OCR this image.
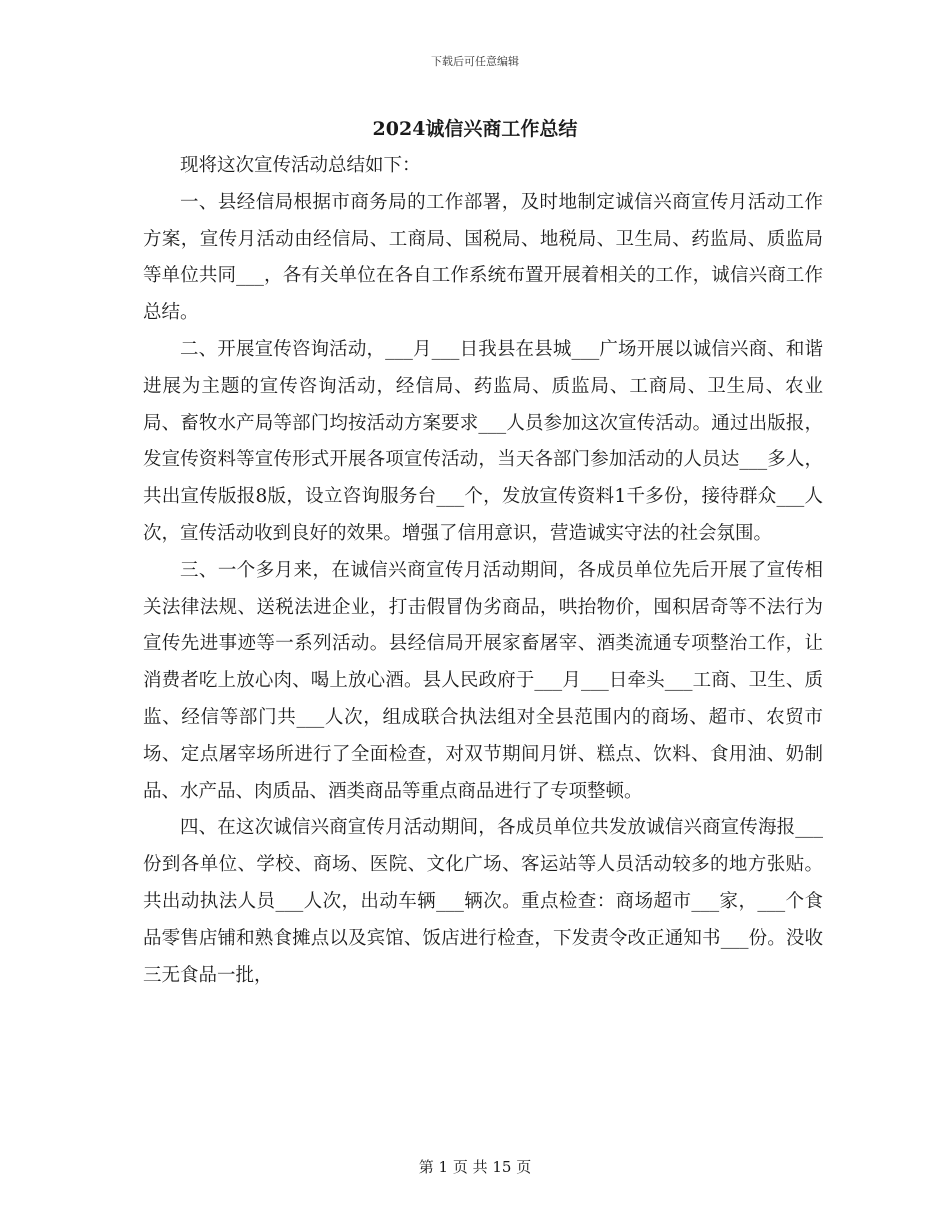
下载后可任意编辑
2024诚信兴商工作总结

现将这次宣传活动总结如下：

一、县经信局根据市商务局的工作部署，及时地制定诚信兴商宣传月活动工作方案，宣传月活动由经信局、工商局、国税局、地税局、卫生局、药监局、质监局等单位共同___，各有关单位在各自工作系统布置开展着相关的工作，诚信兴商工作总结。

二、开展宣传咨询活动，___月___日我县在县城___广场开展以诚信兴商、和谐进展为主题的宣传咨询活动，经信局、药监局、质监局、工商局、卫生局、农业局、畜牧水产局等部门均按活动方案要求___人员参加这次宣传活动。通过出版报，发宣传资料等宣传形式开展各项宣传活动，当天各部门参加活动的人员达___多人，共出宣传版报8版，设立咨询服务台___个，发放宣传资料1千多份，接待群众___人次，宣传活动收到良好的效果。增强了信用意识，营造诚实守法的社会氛围。

三、一个多月来，在诚信兴商宣传月活动期间，各成员单位先后开展了宣传相关法律法规、送税法进企业，打击假冒伪劣商品，哄抬物价，囤积居奇等不法行为宣传先进事迹等一系列活动。县经信局开展家畜屠宰、酒类流通专项整治工作，让消费者吃上放心肉、喝上放心酒。县人民政府于___月___日牵头___工商、卫生、质监、经信等部门共___人次，组成联合执法组对全县范围内的商场、超市、农贸市场、定点屠宰场所进行了全面检查，对双节期间月饼、糕点、饮料、食用油、奶制品、水产品、肉质品、酒类商品等重点商品进行了专项整顿。

四、在这次诚信兴商宣传月活动期间，各成员单位共发放诚信兴商宣传海报___份到各单位、学校、商场、医院、文化广场、客运站等人员活动较多的地方张贴。共出动执法人员___人次，出动车辆___辆次。重点检查：商场超市___家，___个食品零售店铺和熟食摊点以及宾馆、饭店进行检查，下发责令改正通知书___份。没收三无食品一批，

第 1 页 共 15 页
